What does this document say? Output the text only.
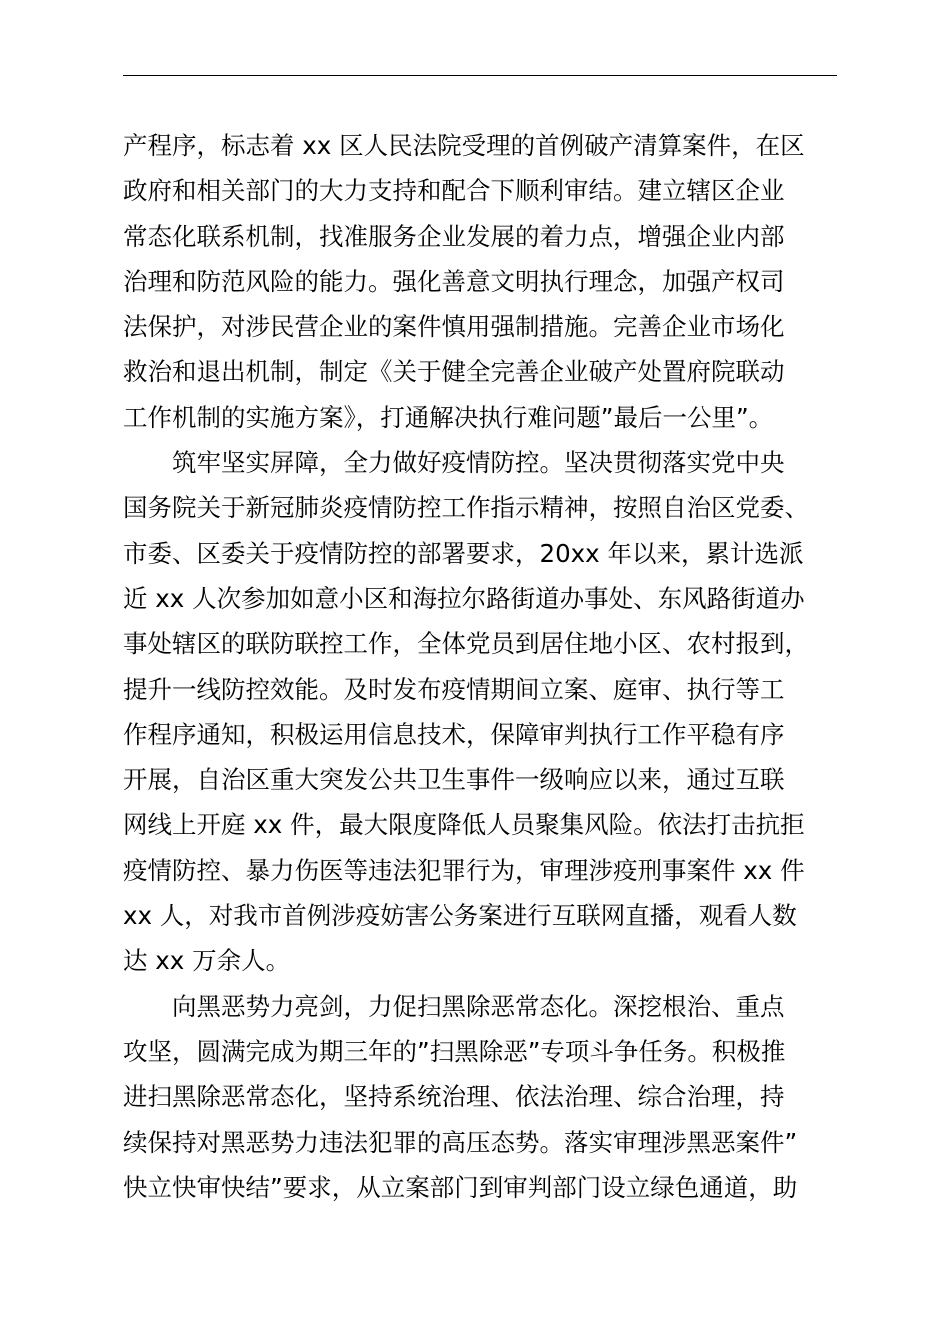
产程序，标志着 xx 区人民法院受理的首例破产清算案件，在区
政府和相关部门的大力支持和配合下顺利审结。建立辖区企业
常态化联系机制，找准服务企业发展的着力点，增强企业内部
治理和防范风险的能力。强化善意文明执行理念，加强产权司
法保护，对涉民营企业的案件慎用强制措施。完善企业市场化
救治和退出机制，制定《关于健全完善企业破产处置府院联动
工作机制的实施方案》，打通解决执行难问题”最后一公里”。
筑牢坚实屏障，全力做好疫情防控。坚决贯彻落实党中央
国务院关于新冠肺炎疫情防控工作指示精神，按照自治区党委、
市委、区委关于疫情防控的部署要求，20xx 年以来，累计选派
近 xx 人次参加如意小区和海拉尔路街道办事处、东风路街道办
事处辖区的联防联控工作，全体党员到居住地小区、农村报到，
提升一线防控效能。及时发布疫情期间立案、庭审、执行等工
作程序通知，积极运用信息技术，保障审判执行工作平稳有序
开展，自治区重大突发公共卫生事件一级响应以来，通过互联
网线上开庭 xx 件，最大限度降低人员聚集风险。依法打击抗拒
疫情防控、暴力伤医等违法犯罪行为，审理涉疫刑事案件 xx 件
xx 人，对我市首例涉疫妨害公务案进行互联网直播，观看人数
达 xx 万余人。
向黑恶势力亮剑，力促扫黑除恶常态化。深挖根治、重点
攻坚，圆满完成为期三年的”扫黑除恶”专项斗争任务。积极推
进扫黑除恶常态化，坚持系统治理、依法治理、综合治理，持
续保持对黑恶势力违法犯罪的高压态势。落实审理涉黑恶案件”
快立快审快结”要求，从立案部门到审判部门设立绿色通道，助
